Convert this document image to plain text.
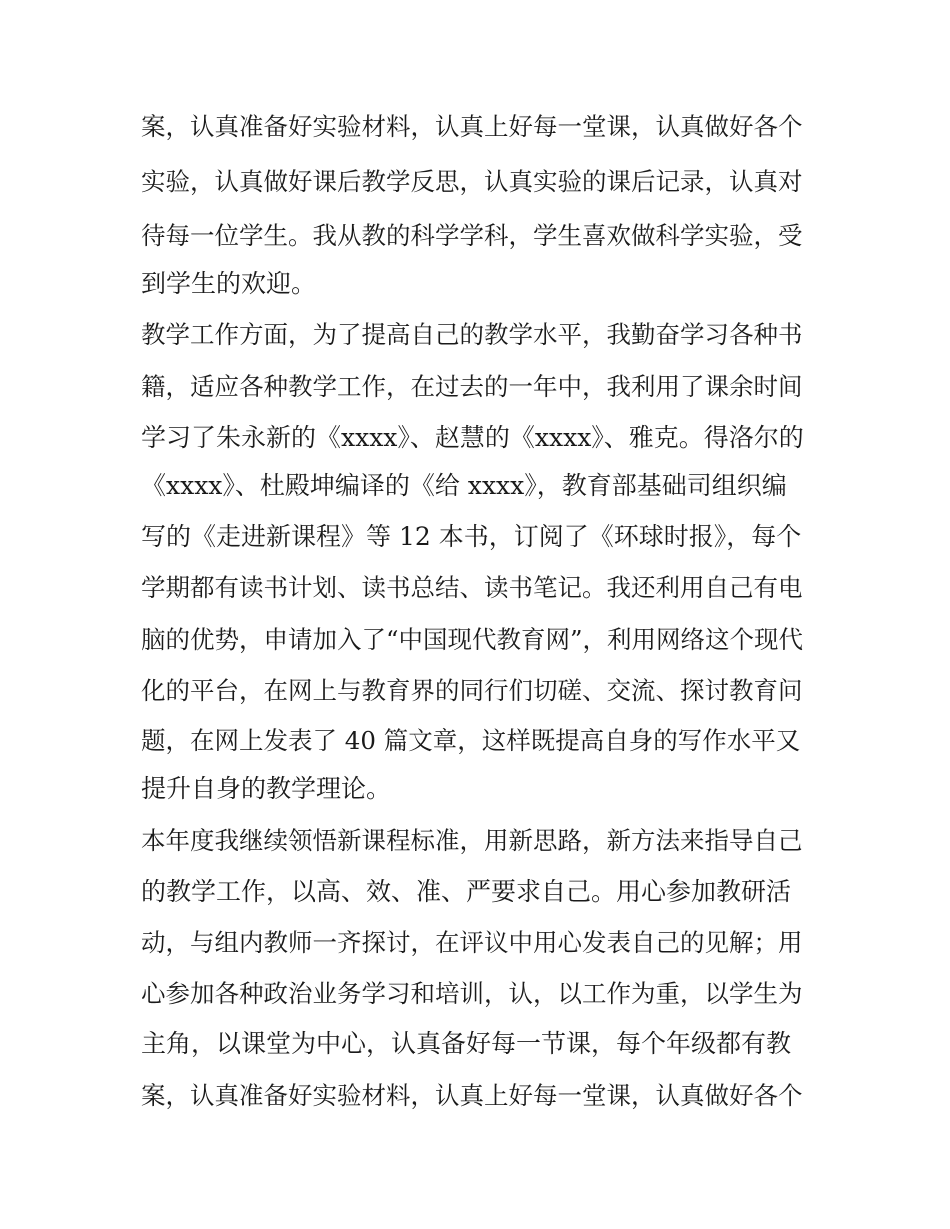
案，认真准备好实验材料，认真上好每一堂课，认真做好各个
实验，认真做好课后教学反思，认真实验的课后记录，认真对
待每一位学生。我从教的科学学科，学生喜欢做科学实验，受
到学生的欢迎。
教学工作方面，为了提高自己的教学水平，我勤奋学习各种书
籍，适应各种教学工作，在过去的一年中，我利用了课余时间
学习了朱永新的《xxxx》、赵慧的《xxxx》、雅克。得洛尔的
《xxxx》、杜殿坤编译的《给 xxxx》，教育部基础司组织编
写的《走进新课程》等 12 本书，订阅了《环球时报》，每个
学期都有读书计划、读书总结、读书笔记。我还利用自己有电
脑的优势，申请加入了“中国现代教育网”，利用网络这个现代
化的平台，在网上与教育界的同行们切磋、交流、探讨教育问
题，在网上发表了 40 篇文章，这样既提高自身的写作水平又
提升自身的教学理论。
本年度我继续领悟新课程标准，用新思路，新方法来指导自己
的教学工作，以高、效、准、严要求自己。用心参加教研活
动，与组内教师一齐探讨，在评议中用心发表自己的见解；用
心参加各种政治业务学习和培训，认，以工作为重，以学生为
主角，以课堂为中心，认真备好每一节课，每个年级都有教
案，认真准备好实验材料，认真上好每一堂课，认真做好各个
